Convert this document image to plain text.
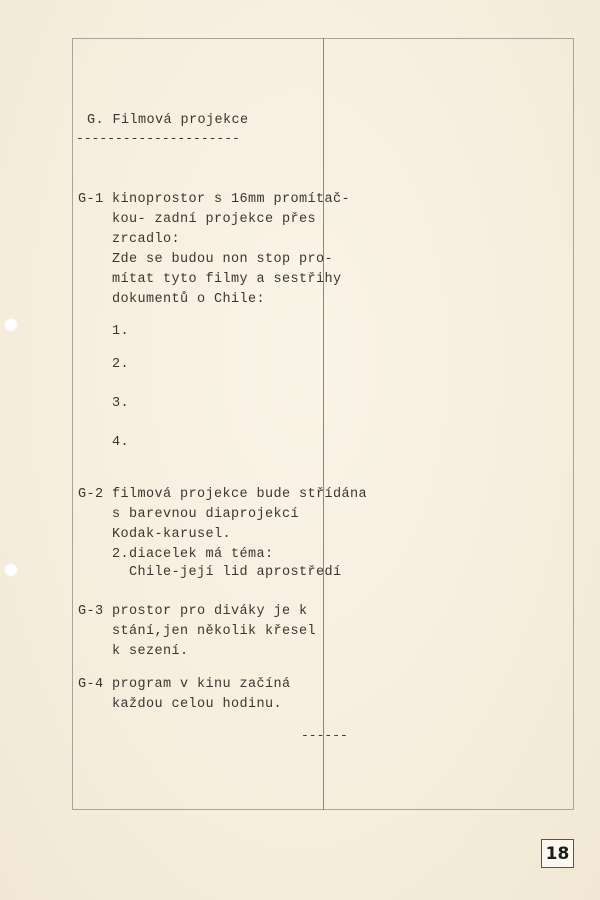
G. Filmová projekce
---------------------
G-1 kinoprostor s 16mm promítač-
kou- zadní projekce přes
zrcadlo:
Zde se budou non stop pro-
mítat tyto filmy a sestřihy
dokumentů o Chile:
1.
2.
3.
4.
G-2 filmová projekce bude střídána
s barevnou diaprojekcí
Kodak-karusel.
2.diacelek má téma:
Chile-její lid aprostředí
G-3 prostor pro diváky je k
stání,jen několik křesel
k sezení.
G-4 program v kinu začíná
každou celou hodinu.
------
18
